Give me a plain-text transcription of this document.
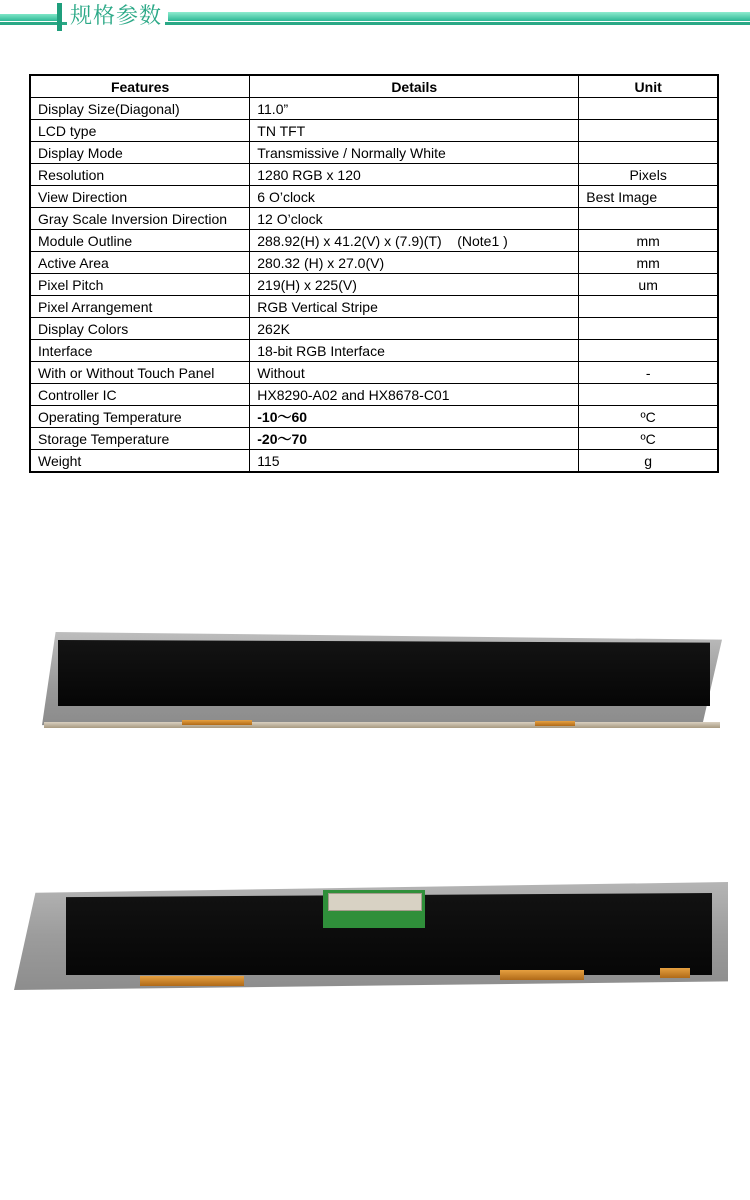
规格参数
Features	Details	Unit
Display Size(Diagonal)	11.0”	
LCD type	TN TFT	
Display Mode	Transmissive / Normally White	
Resolution	1280 RGB x 120	Pixels
View Direction	6 O’clock	Best Image
Gray Scale Inversion Direction	12 O’clock	
Module Outline	288.92(H) x 41.2(V) x (7.9)(T)    (Note1 )	mm
Active Area	280.32 (H) x 27.0(V)	mm
Pixel Pitch	219(H) x 225(V)	um
Pixel Arrangement	RGB Vertical Stripe	
Display Colors	262K	
Interface	18-bit RGB Interface	
With or Without Touch Panel	Without	-
Controller IC	HX8290-A02 and HX8678-C01	
Operating Temperature	-10～60	ºC
Storage Temperature	-20～70	ºC
Weight	115	g
